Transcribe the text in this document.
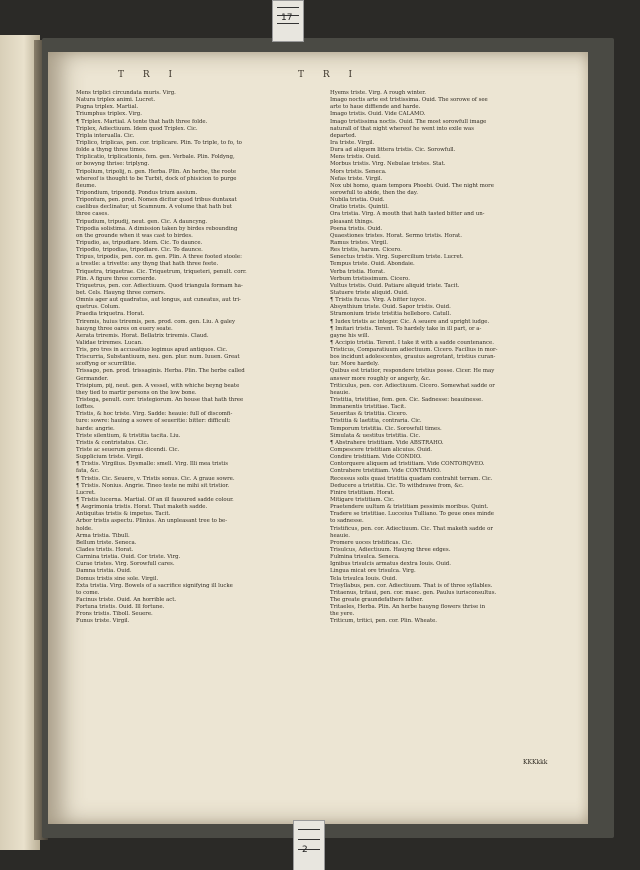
T R I	T R I
Mens triplici circundata muris. Virg.
Natura triplex animi. Lucret.
Pugna triplex. Martial.
Triumphus triplex. Virg.
¶ Triplex. Martial. A tente that hath three folde.
Triplex, Adiectiuum. Idem quod Triplex. Cic.
Tripla interualla. Cic.
Triplico, triplicas, pen. cor. triplicare. Plin. To triple, to fo, to
folde a thyng three times.
Triplicatio, triplicationis, fem. gen. Verbale. Plin. Foldyng,
or bowyng thrise: triplyng.
Tripolium, tripolij, n. gen. Herba. Plin. An herbe, the roote
whereof is thought to be Turbit, dock of phisicion to purge
fleume.
Tripondium, tripondij. Pondus trium assium.
Tripontum, pen. prod. Nomen dicitur quod tribus duntaxat
caelibus declinatur, ut Scamnum. A volume that hath but
three cases.
Tripudium, tripudij, neut. gen. Cic. A dauncyng.
Tripodia solistima. A dimission taken by birdes rebounding
on the grounde when it was cast to birdes.
Tripudio, as, tripudiare. Idem. Cic. To daunce.
Tripodio, tripodias, tripodiare. Cic. To daunce.
Tripus, tripodis, pen. cor. m. gen. Plin. A three footed stoole:
a trestle: a trivette: any thyng that hath three feete.
Triquetra, triquetrae. Cic. Triquetrum, triqueteri, penult. corr.
Plin. A figure three cornerde.
Triquetrus, pen. cor. Adiectiuum. Quod triangula formam ha-
bet. Cels. Hauyng three corners.
Omnis ager aut quadratus, aut longus, aut cuneatus, aut tri-
quetrus. Colum.
Praedia triquetra. Horat.
Triremis, huius triremis, pen. prod. com. gen. Liu. A galey
hauyng three oares on euery seate.
Aerata triremis. Horat. Bellatrix triremis. Claud.
Validae triremes. Lucan.
Tris, pro tres in accusatiuo legimus apud antiquos. Cic.
Triscurria, Substantiuum, neu. gen. plur. num. Iuuen. Great
scoffyng or scurrilitie.
Trissago, pen. prod. trissaginis. Herba. Plin. The herbe called
Germander.
Trisipium, pij, neut. gen. A vessel, with whiche beyng beate
they tied to martir persons on the low bone.
Tristega, penult. corr. tristegiorum. An house that hath three
lofftes.
Tristis, & hoc triste. Virg. Sadde: heauie: full of discomfi-
ture: sowre: hauing a sowre of seueritie: bitter: difficult:
harde: angrie.
Triste silentium, & tristitia tacita. Liu.
Tristis & contristatus. Cic.
Triste ac seuerum genus dicendi. Cic.
Supplicium triste. Virgil.
¶ Tristis. Virgilius. Dysmalle: smell. Virg. Illi mea tristis
fata, &c.
¶ Tristis. Cic. Seuere, v. Tristis sonus. Cic. A graue sowre.
¶ Tristis. Nonius. Angrie. Tineo teste ne mihi sit tristior.
Lucret.
¶ Tristis lucerna. Martial. Of an ill fauoured sadde colour.
¶ Aegrimonia tristis. Horat. That maketh sadde.
Antiquitas tristis & impetus. Tacit.
Arbor tristis aspectu. Plinius. An unpleasant tree to be-
holde.
Arma tristia. Tibull.
Bellum triste. Seneca.
Clades tristis. Horat.
Carmina tristia. Ouid. Cor triste. Virg.
Curae tristes. Virg. Sorowfull cares.
Damna tristia. Ouid.
Domus tristis sine sole. Virgil.
Exta tristia. Virg. Bowels of a sacrifice signifying ill lucke
to come.
Facinus triste. Ouid. An horrible act.
Fortuna tristis. Ouid. Ill fortune.
Frons tristis. Tiboll. Seuere.
Funus triste. Virgil.
Hyems triste. Virg. A rough winter.
Imago noctis arte est tristissima. Ouid. The sorowe of see
arte to haue diffiende and harde.
Imago tristis. Ouid. Vide CALAMO.
Imago tristissima noctis. Ouid. The most sorowfull image
naturall of that night whereof he went into exile was
departed.
Ira triste. Virgil.
Dura ad aliquem littera tristis. Cic. Sorowfull.
Mens tristis. Ouid.
Morbus tristis. Virg. Nebulae tristes. Stat.
Mors tristis. Seneca.
Nefas triste. Virgil.
Nox ubi homo, quam tempora Phoebi. Ouid. The night more
sorowfull to abide, then the day.
Nubila tristia. Ouid.
Oratio tristis. Quintil.
Ora tristia. Virg. A mouth that hath tasted bitter and un-
pleasant things.
Poena tristis. Ouid.
Quaestiones tristes. Horat. Sermo tristis. Horat.
Ramus tristes. Virgil.
Res tristis, harum. Cicero.
Senectus tristis. Virg. Supercilium triste. Lucret.
Tempus triste. Ouid. Abondaie.
Verba tristia. Horat.
Verbum tristissimum. Cicero.
Vultus tristis. Ouid. Patiare aliquid triste. Tacit.
Statuere triste aliquid. Ouid.
¶ Tristis fucus. Virg. A bitter iuyce.
Absynthium triste. Ouid. Sapor tristis. Ouid.
Stramonium triste tristitia helleboro. Catull.
¶ Iudex tristis ac integer. Cic. A seuere and upright iudge.
¶ Imitari tristis. Terent. To hardely take in ill part, or a-
gayne his will.
¶ Accipio tristia. Terent. I take it with a sadde countenance.
Tristicus, Comparatiuum adiectiuum. Cicero. Facilius in mor-
bos incidunt adolescentes, grauius aegrotant, tristius curan-
tur. More hardely.
Quibus est triatior, respondere tristius posse. Cicer. He may
answer more roughly or angerly, &c.
Triticulus, pen. cor. Adiectiuum. Cicero. Somewhat sadde or
heauie.
Tristitia, tristitiae, fem. gen. Cic. Sadnesse: heauinesse.
Immanentis tristitiae. Tacit.
Seueritas & tristitia. Cicero.
Tristitia & laetitia, contraria. Cic.
Temporum tristitia. Cic. Sorowfull times.
Simulata & uestitus tristitia. Cic.
¶ Abstrahere tristitiam. Vide ABSTRAHO.
Compescere tristitiam alicuius. Ouid.
Condire tristitiam. Vide CONDIO.
Contorquere aliquem ad tristitiam. Vide CONTORQVEO.
Contrahere tristitiam. Vide CONTRAHO.
Recessus solis quasi tristitia quadam contrahit terram. Cic.
Deducere a tristitia. Cic. To withdrawe from, &c.
Finire tristitiam. Horat.
Mitigare tristitiam. Cic.
Praetendere uultum & tristitiam pessimis moribus. Quint.
Tradere se tristitiae. Lucceius Tulliano. To geue ones minde
to sadnesse.
Tristificus, pen. cor. Adiectiuum. Cic. That maketh sadde or
heauie.
Promere uoces tristificas. Cic.
Trisulcus, Adiectiuum. Hauyng three edges.
Fulmina trisulca. Seneca.
Ignibus trisulcis armatus dextra Iouis. Ouid.
Lingua micat ore trisulca. Virg.
Tela trisulca Iouis. Ouid.
Trisyllabus, pen. cor. Adiectiuum. That is of three syllables.
Tritaenus, tritaui, pen. cor. masc. gen. Paulus iurisconsultus.
The greate graundefathers father.
Tritaeles, Herba. Plin. An herbe hauyng flowers thrise in
the yere.
Triticum, tritici, pen. cor. Plin. Wheate.
KKKkkk
17
2
